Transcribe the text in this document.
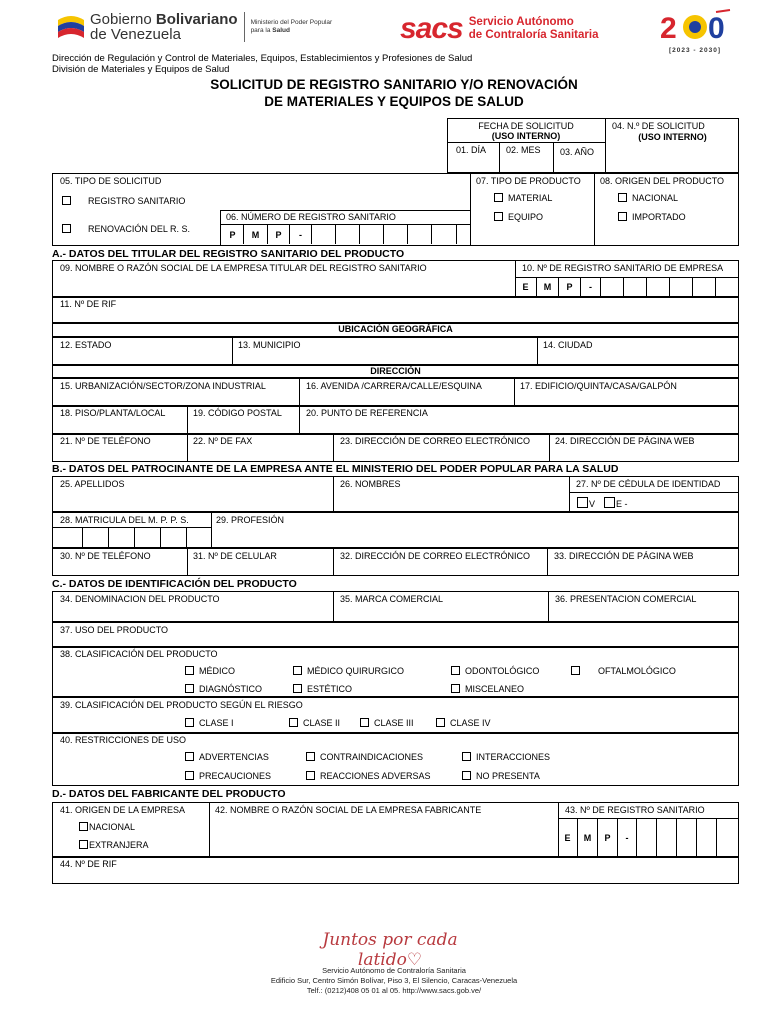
Gobierno Bolivariano
de Venezuela
Ministerio del Poder Popular
para la Salud	sacs Servicio Autónomo
de Contraloría Sanitaria 2 0
[2023 - 2030]
Dirección de Regulación y Control de Materiales, Equipos, Establecimientos y Profesiones de Salud
División de Materiales y Equipos de Salud
SOLICITUD DE REGISTRO SANITARIO Y/O RENOVACIÓN
DE MATERIALES Y EQUIPOS DE SALUD
FECHA DE SOLICITUD
(USO INTERNO)
01. DÍA 02. MES 03. AÑO
04. N.º DE SOLICITUD
(USO INTERNO)
05. TIPO DE SOLICITUD
REGISTRO SANITARIO
RENOVACIÓN DEL R. S.
06. NÚMERO DE REGISTRO SANITARIO
P	M	P	-
07. TIPO DE PRODUCTO
MATERIAL
EQUIPO
08. ORIGEN DEL PRODUCTO
NACIONAL
IMPORTADO
A.- DATOS DEL TITULAR DEL REGISTRO SANITARIO DEL PRODUCTO
09. NOMBRE O RAZÓN SOCIAL DE LA EMPRESA TITULAR DEL REGISTRO SANITARIO	10. Nº DE REGISTRO SANITARIO DE EMPRESA
E	M	P	-
11. Nº DE RIF
UBICACIÓN GEOGRÁFICA
12. ESTADO	13. MUNICIPIO	14. CIUDAD
DIRECCIÓN
15. URBANIZACIÓN/SECTOR/ZONA INDUSTRIAL	16. AVENIDA /CARRERA/CALLE/ESQUINA	17. EDIFICIO/QUINTA/CASA/GALPÓN
18. PISO/PLANTA/LOCAL	19. CÓDIGO POSTAL	20. PUNTO DE REFERENCIA
21. Nº DE TELÉFONO	22. Nº DE FAX	23. DIRECCIÓN DE CORREO ELECTRÓNICO	24. DIRECCIÓN DE PÁGINA WEB
B.- DATOS DEL PATROCINANTE DE LA EMPRESA ANTE EL MINISTERIO DEL PODER POPULAR PARA LA SALUD
25. APELLIDOS	26. NOMBRES	27. Nº DE CÉDULA DE IDENTIDAD
V	E -
28. MATRICULA DEL M. P. P. S.	29. PROFESIÓN
30. Nº DE TELÉFONO	31. Nº DE CELULAR	32. DIRECCIÓN DE CORREO ELECTRÓNICO	33. DIRECCIÓN DE PÁGINA WEB
C.- DATOS DE IDENTIFICACIÓN DEL PRODUCTO
34. DENOMINACION DEL PRODUCTO	35. MARCA COMERCIAL	36. PRESENTACION COMERCIAL
37. USO DEL PRODUCTO
38. CLASIFICACIÓN DEL PRODUCTO
MÉDICO	MÉDICO QUIRURGICO	ODONTOLÓGICO	OFTALMOLÓGICO
DIAGNÓSTICO	ESTÉTICO	MISCELANEO
39. CLASIFICACIÓN DEL PRODUCTO SEGÚN EL RIESGO
CLASE I	CLASE II	CLASE III	CLASE IV
40. RESTRICCIONES DE USO
ADVERTENCIAS	CONTRAINDICACIONES	INTERACCIONES
PRECAUCIONES	REACCIONES ADVERSAS	NO PRESENTA
D.- DATOS DEL FABRICANTE DEL PRODUCTO
41. ORIGEN DE LA EMPRESA
NACIONAL
EXTRANJERA
42. NOMBRE O RAZÓN SOCIAL DE LA EMPRESA FABRICANTE	43. Nº DE REGISTRO SANITARIO
E	M	P	-
44. Nº DE RIF
Juntos por cada latido♡
Servicio Autónomo de Contraloría Sanitaria
Edificio Sur, Centro Simón Bolívar, Piso 3, El Silencio, Caracas-Venezuela
Telf.: (0212)408 05 01 al 05. http://www.sacs.gob.ve/
